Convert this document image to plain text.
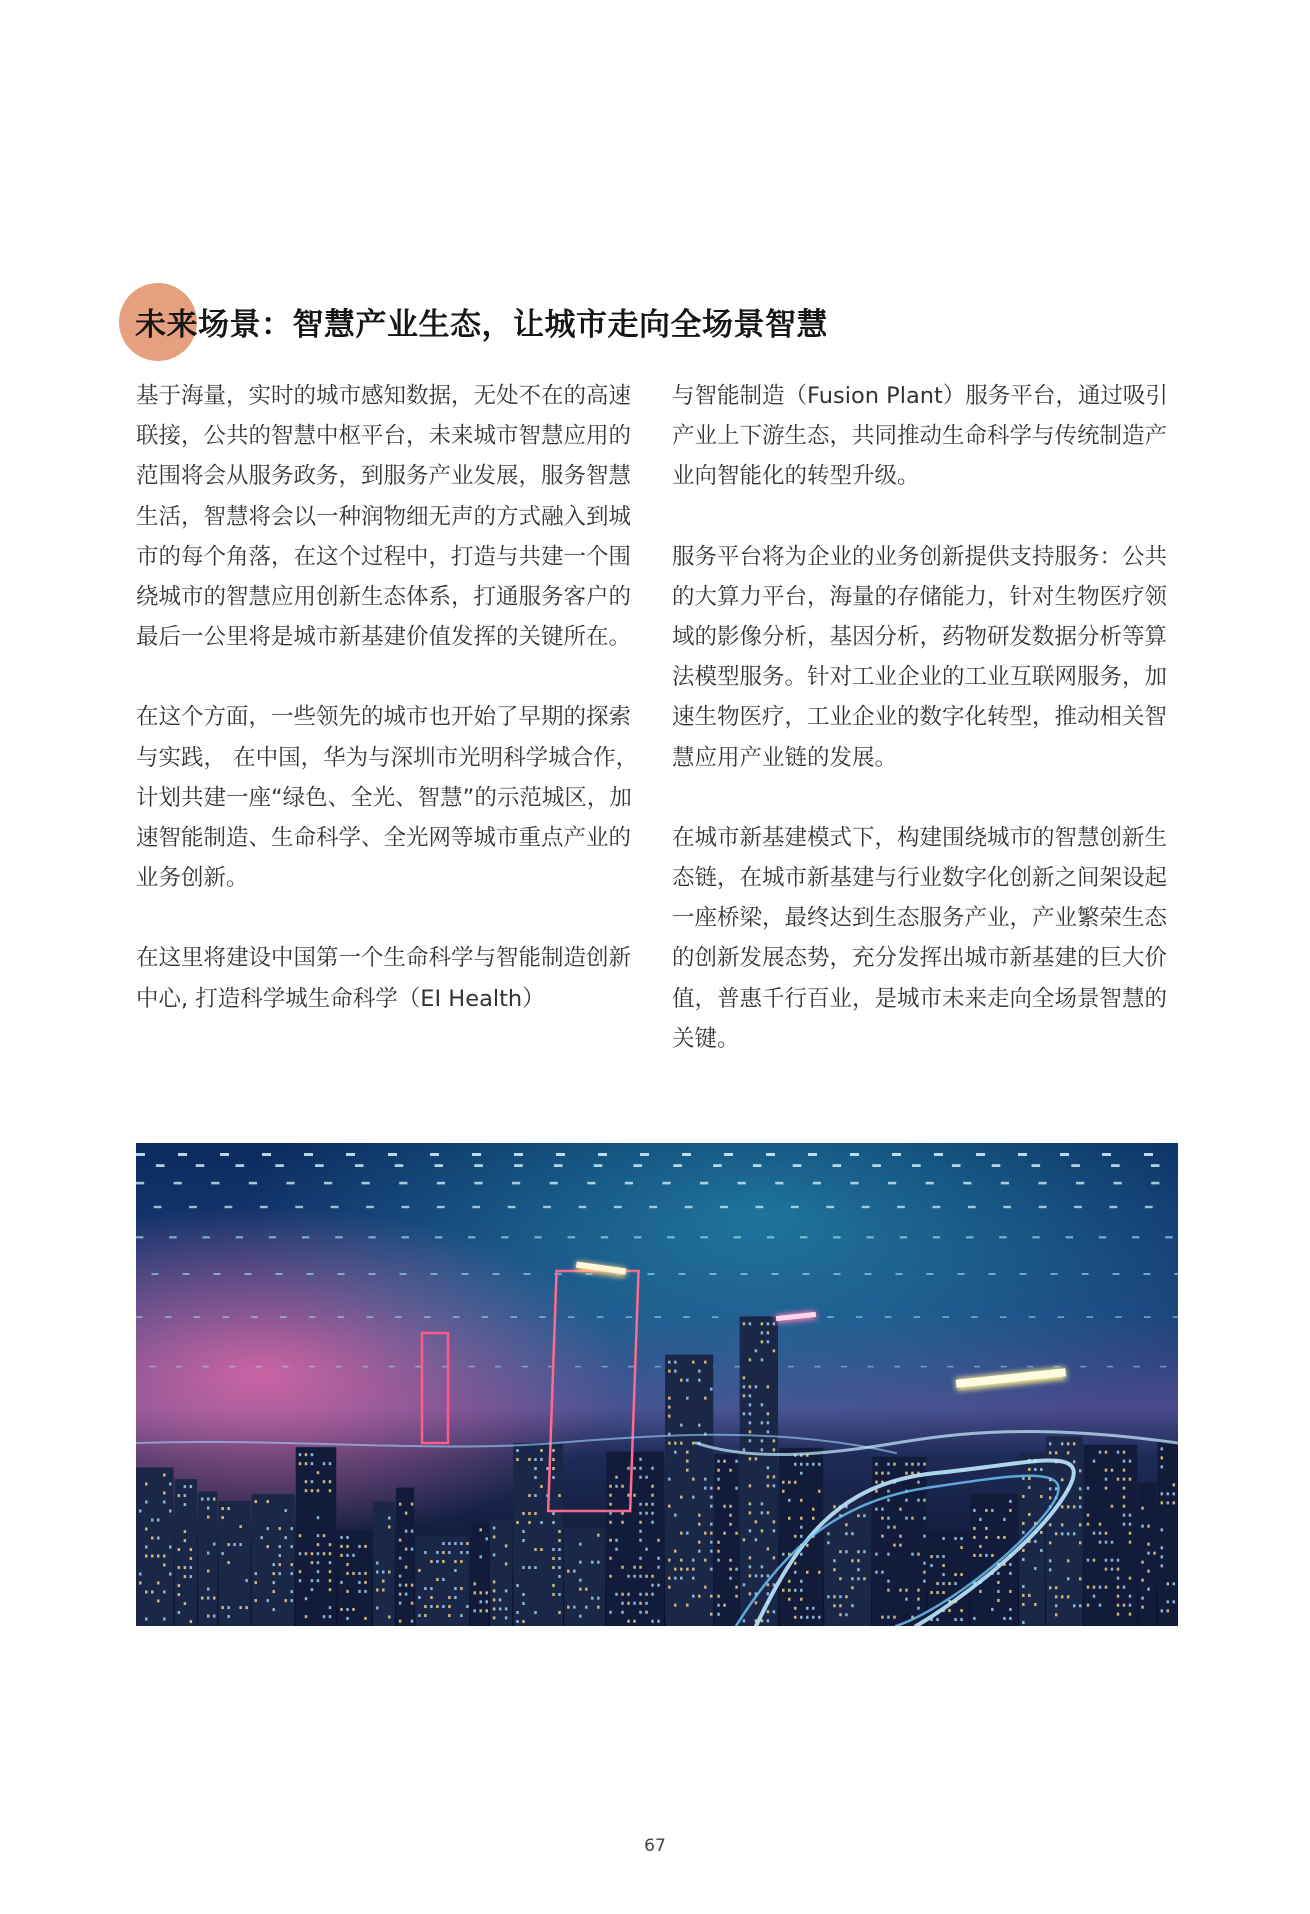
未来场景：智慧产业生态，让城市走向全场景智慧

基于海量，实时的城市感知数据，无处不在的高速联接，公共的智慧中枢平台，未来城市智慧应用的范围将会从服务政务，到服务产业发展，服务智慧生活，智慧将会以一种润物细无声的方式融入到城市的每个角落，在这个过程中，打造与共建一个围绕城市的智慧应用创新生态体系，打通服务客户的最后一公里将是城市新基建价值发挥的关键所在。

在这个方面，一些领先的城市也开始了早期的探索与实践， 在中国，华为与深圳市光明科学城合作，计划共建一座“绿色、全光、智慧”的示范城区，加速智能制造、生命科学、全光网等城市重点产业的业务创新。

在这里将建设中国第一个生命科学与智能制造创新中心, 打造科学城生命科学（EI Health）

与智能制造（Fusion Plant）服务平台，通过吸引产业上下游生态，共同推动生命科学与传统制造产业向智能化的转型升级。

服务平台将为企业的业务创新提供支持服务：公共的大算力平台，海量的存储能力，针对生物医疗领域的影像分析，基因分析，药物研发数据分析等算法模型服务。针对工业企业的工业互联网服务，加速生物医疗，工业企业的数字化转型，推动相关智慧应用产业链的发展。

在城市新基建模式下，构建围绕城市的智慧创新生态链，在城市新基建与行业数字化创新之间架设起一座桥梁，最终达到生态服务产业，产业繁荣生态的创新发展态势，充分发挥出城市新基建的巨大价值，普惠千行百业，是城市未来走向全场景智慧的关键。

67
